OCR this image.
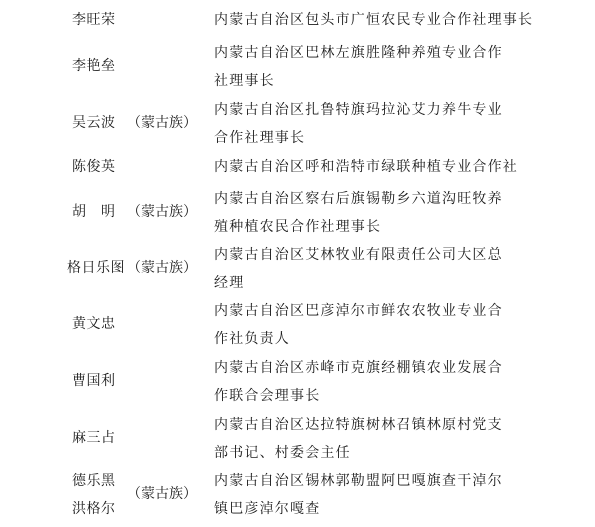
李旺荣	内蒙古自治区包头市广恒农民专业合作社理事长
李艳垒
内蒙古自治区巴林左旗胜隆种养殖专业合作
社理事长
吴云波 （蒙古族）
内蒙古自治区扎鲁特旗玛拉沁艾力养牛专业
合作社理事长
陈俊英	内蒙古自治区呼和浩特市绿联种植专业合作社
胡　明 （蒙古族）
内蒙古自治区察右后旗锡勒乡六道沟旺牧养
殖种植农民合作社理事长
格日乐图 （蒙古族）
内蒙古自治区艾林牧业有限责任公司大区总
经理
黄文忠
内蒙古自治区巴彦淖尔市鲜农农牧业专业合
作社负责人
曹国利
内蒙古自治区赤峰市克旗经棚镇农业发展合
作联合会理事长
麻三占
内蒙古自治区达拉特旗树林召镇林原村党支
部书记、村委会主任
德乐黑
洪格尔
（蒙古族）
内蒙古自治区锡林郭勒盟阿巴嘎旗查干淖尔
镇巴彦淖尔嘎查
